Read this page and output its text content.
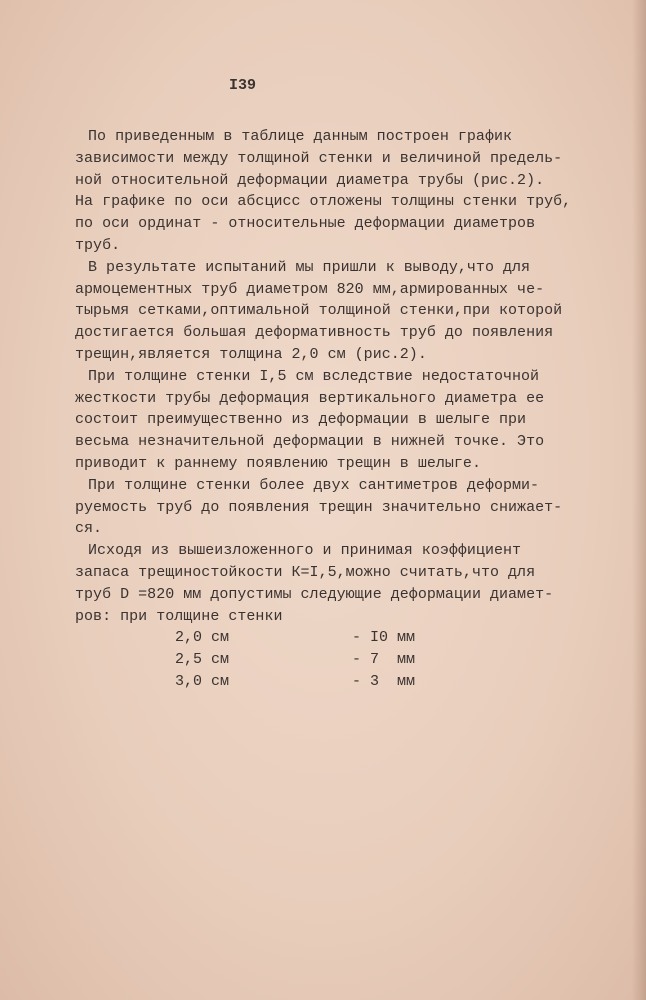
I39
По приведенным в таблице данным построен график
зависимости между толщиной стенки и величиной предель-
ной относительной деформации диаметра трубы (рис.2).
На графике по оси абсцисс отложены толщины стенки труб,
по оси ординат - относительные деформации диаметров
труб.
В результате испытаний мы пришли к выводу,что для
армоцементных труб диаметром 820 мм,армированных че-
тырьмя сетками,оптимальной толщиной стенки,при которой
достигается большая деформативность труб до появления
трещин,является толщина 2,0 см (рис.2).
При толщине стенки I,5 см вследствие недостаточной
жесткости трубы деформация вертикального диаметра ее
состоит преимущественно из деформации в шелыге при
весьма незначительной деформации в нижней точке. Это
приводит к раннему появлению трещин в шелыге.
При толщине стенки более двух сантиметров деформи-
руемость труб до появления трещин значительно снижает-
ся.
Исходя из вышеизложенного и принимая коэффициент
запаса трещиностойкости К=I,5,можно считать,что для
труб D =820 мм допустимы следующие деформации диамет-
ров: при толщине стенки
2,0 см	- I0 мм
2,5 см	- 7  мм
3,0 см	- 3  мм
